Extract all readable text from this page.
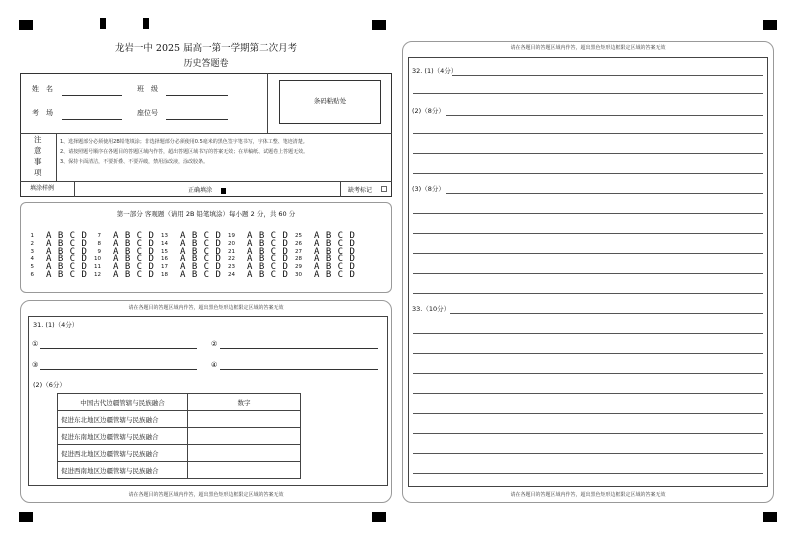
龙岩一中 2025 届高一第一学期第二次月考
历史答题卷
姓　名	班　级
考　场	座位号
条码粘贴处
注
意
事
项
1、选择题部分必须使用2B铅笔填涂；非选择题部分必须使用0.5毫米的黑色签字笔书写，字体工整、笔迹清楚。
2、请按照题号顺序在各题目的答题区域内作答，超出答题区域书写的答案无效；在草稿纸、试题卷上答题无效。
3、保持卡面清洁，不要折叠、不要弄破，禁用涂改液，涂改胶条。
填涂样例	正确填涂	缺考标记
第一部分 客观题（请用 2B 铅笔填涂）每小题 2 分，共 60 分
1 A B C D
2 A B C D
3 A B C D
4 A B C D
5 A B C D
6 A B C D
7 A B C D
8 A B C D
9 A B C D
10 A B C D
11 A B C D
12 A B C D
13 A B C D
14 A B C D
15 A B C D
16 A B C D
17 A B C D
18 A B C D
19 A B C D
20 A B C D
21 A B C D
22 A B C D
23 A B C D
24 A B C D
25 A B C D
26 A B C D
27 A B C D
28 A B C D
29 A B C D
30 A B C D
请在各题目的答题区域内作答，超出黑色矩形边框限定区域的答案无效
31. (1)（4分）
①	②
③	④
(2)（6分）
中国古代边疆管辖与民族融合	数字
促进东北地区边疆管辖与民族融合	
促进东南地区边疆管辖与民族融合	
促进西北地区边疆管辖与民族融合	
促进西南地区边疆管辖与民族融合	
请在各题目的答题区域内作答，超出黑色矩形边框限定区域的答案无效
请在各题目的答题区域内作答，超出黑色矩形边框限定区域的答案无效
请在各题目的答题区域内作答，超出黑色矩形边框限定区域的答案无效
32. (1)（4分）
(2)（8分）
(3)（8分）
33.（10分）
